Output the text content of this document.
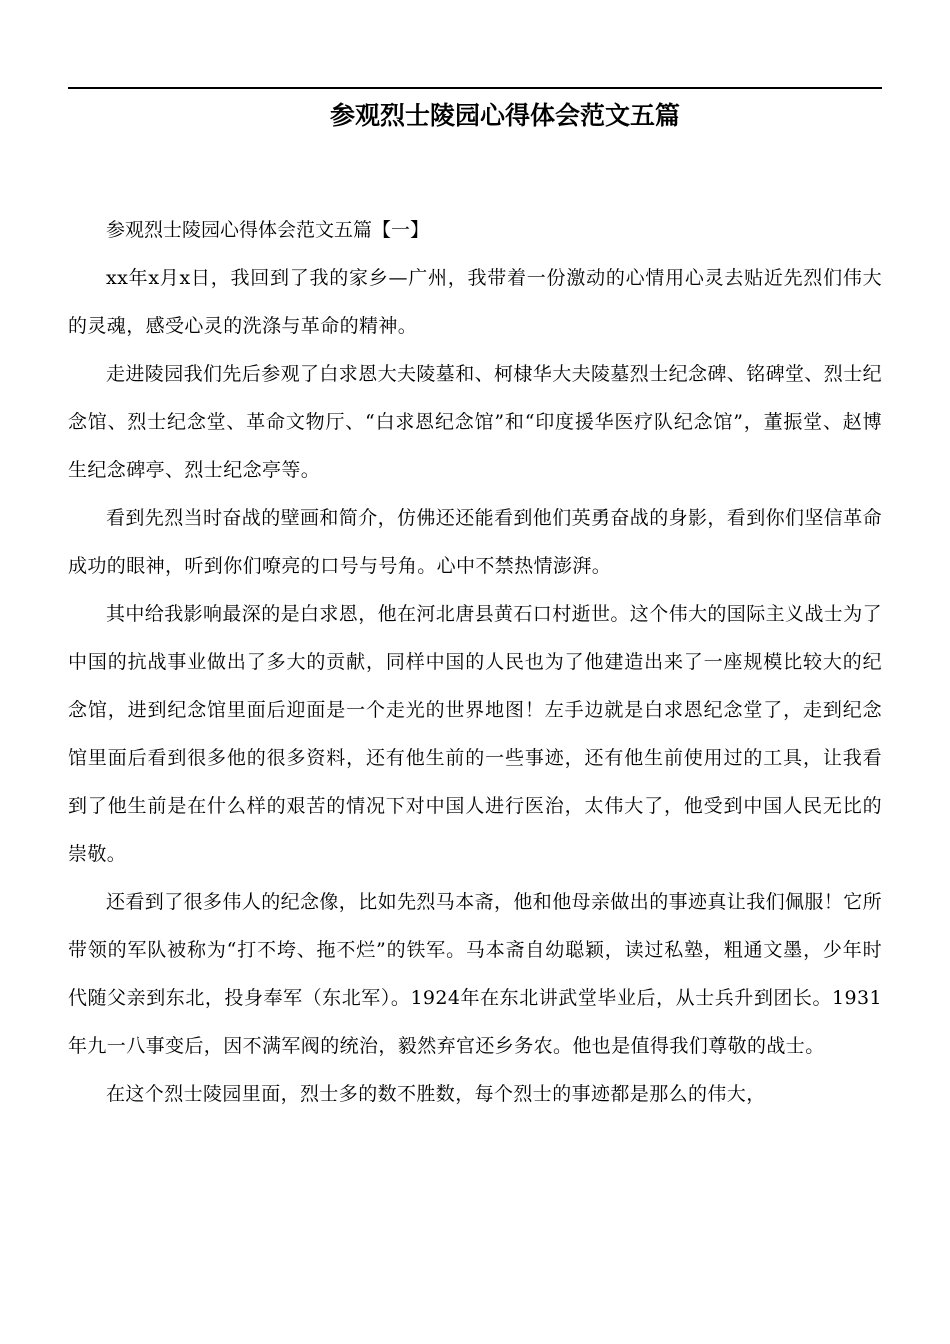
参观烈士陵园心得体会范文五篇

参观烈士陵园心得体会范文五篇【一】

xx年x月x日，我回到了我的家乡—广州，我带着一份激动的心情用心灵去贴近先烈们伟大的灵魂，感受心灵的洗涤与革命的精神。

走进陵园我们先后参观了白求恩大夫陵墓和、柯棣华大夫陵墓烈士纪念碑、铭碑堂、烈士纪念馆、烈士纪念堂、革命文物厅、“白求恩纪念馆”和“印度援华医疗队纪念馆”，董振堂、赵博生纪念碑亭、烈士纪念亭等。

看到先烈当时奋战的壁画和简介，仿佛还还能看到他们英勇奋战的身影，看到你们坚信革命成功的眼神，听到你们嘹亮的口号与号角。心中不禁热情澎湃。

其中给我影响最深的是白求恩，他在河北唐县黄石口村逝世。这个伟大的国际主义战士为了中国的抗战事业做出了多大的贡献，同样中国的人民也为了他建造出来了一座规模比较大的纪念馆，进到纪念馆里面后迎面是一个走光的世界地图！左手边就是白求恩纪念堂了，走到纪念馆里面后看到很多他的很多资料，还有他生前的一些事迹，还有他生前使用过的工具，让我看到了他生前是在什么样的艰苦的情况下对中国人进行医治，太伟大了，他受到中国人民无比的崇敬。

还看到了很多伟人的纪念像，比如先烈马本斋，他和他母亲做出的事迹真让我们佩服！它所带领的军队被称为“打不垮、拖不烂”的铁军。马本斋自幼聪颖，读过私塾，粗通文墨，少年时代随父亲到东北，投身奉军（东北军）。1924年在东北讲武堂毕业后，从士兵升到团长。1931年九一八事变后，因不满军阀的统治，毅然弃官还乡务农。他也是值得我们尊敬的战士。

在这个烈士陵园里面，烈士多的数不胜数，每个烈士的事迹都是那么的伟大，
